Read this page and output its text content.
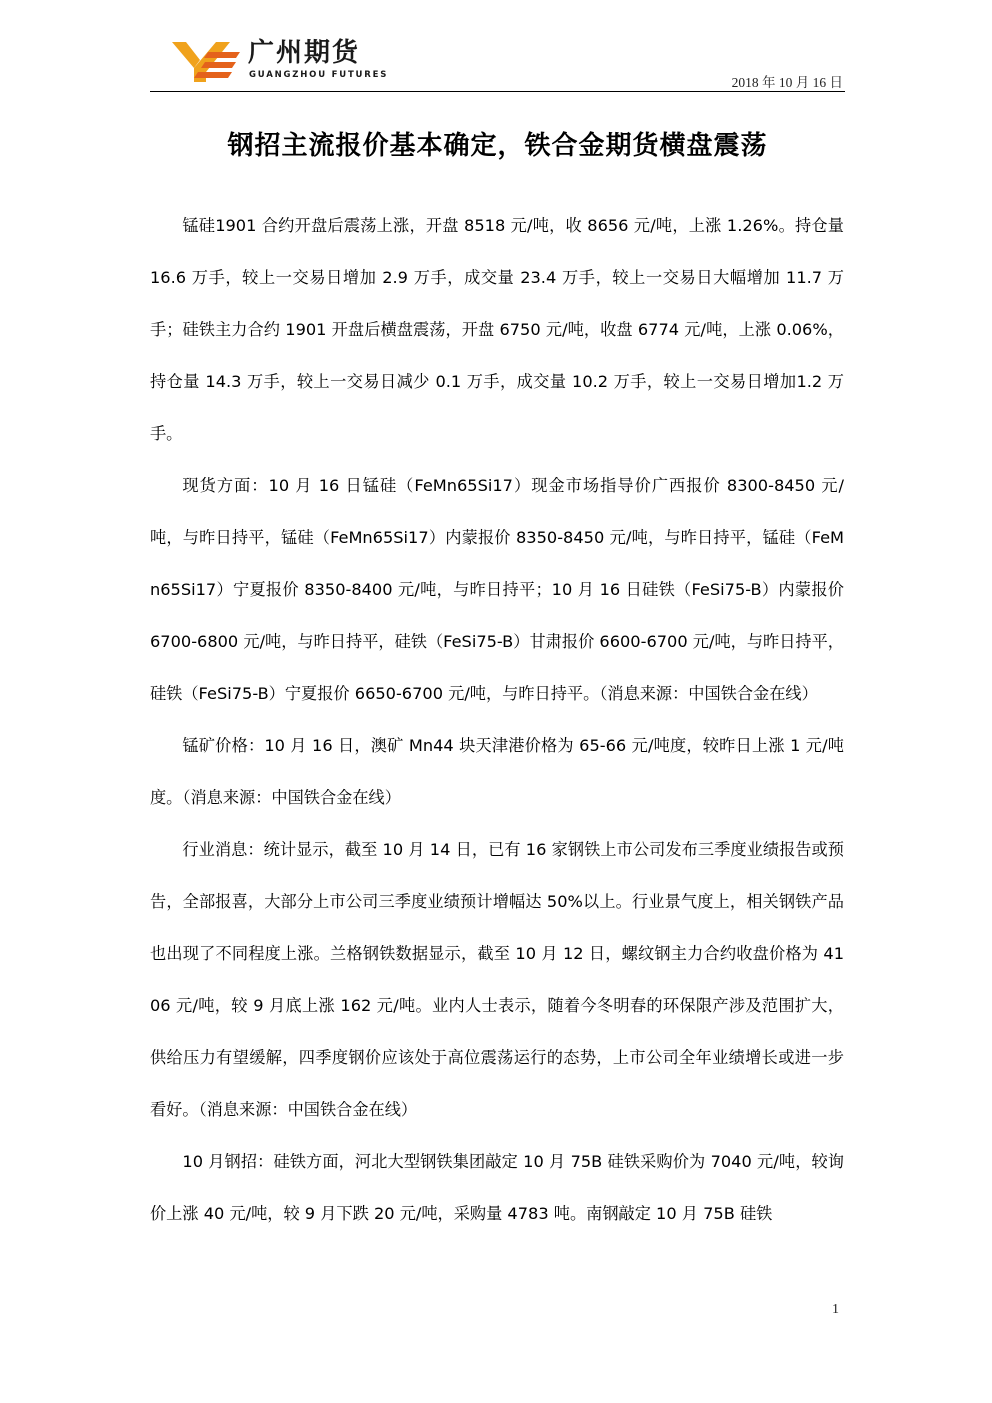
广州期货
GUANGZHOU FUTURES	2018 年 10 月 16 日
钢招主流报价基本确定，铁合金期货横盘震荡

锰硅1901 合约开盘后震荡上涨，开盘 8518 元/吨，收 8656 元/吨，上涨 1.26%。持仓量 16.6 万手，较上一交易日增加 2.9 万手，成交量 23.4 万手，较上一交易日大幅增加 11.7 万手；硅铁主力合约 1901 开盘后横盘震荡，开盘 6750 元/吨，收盘 6774 元/吨，上涨 0.06%，持仓量 14.3 万手，较上一交易日减少 0.1 万手，成交量 10.2 万手，较上一交易日增加1.2 万手。

现货方面：10 月 16 日锰硅（FeMn65Si17）现金市场指导价广西报价 8300-8450 元/吨，与昨日持平，锰硅（FeMn65Si17）内蒙报价 8350-8450 元/吨，与昨日持平，锰硅（FeMn65Si17）宁夏报价 8350-8400 元/吨，与昨日持平；10 月 16 日硅铁（FeSi75-B）内蒙报价 6700-6800 元/吨，与昨日持平，硅铁（FeSi75-B）甘肃报价 6600-6700 元/吨，与昨日持平，硅铁（FeSi75-B）宁夏报价 6650-6700 元/吨，与昨日持平。（消息来源：中国铁合金在线）

锰矿价格：10 月 16 日，澳矿 Mn44 块天津港价格为 65-66 元/吨度，较昨日上涨 1 元/吨度。（消息来源：中国铁合金在线）

行业消息：统计显示，截至 10 月 14 日，已有 16 家钢铁上市公司发布三季度业绩报告或预告，全部报喜，大部分上市公司三季度业绩预计增幅达 50%以上。行业景气度上，相关钢铁产品也出现了不同程度上涨。兰格钢铁数据显示，截至 10 月 12 日，螺纹钢主力合约收盘价格为 4106 元/吨，较 9 月底上涨 162 元/吨。业内人士表示，随着今冬明春的环保限产涉及范围扩大，供给压力有望缓解，四季度钢价应该处于高位震荡运行的态势，上市公司全年业绩增长或进一步看好。（消息来源：中国铁合金在线）

10 月钢招：硅铁方面，河北大型钢铁集团敲定 10 月 75B 硅铁采购价为 7040 元/吨，较询价上涨 40 元/吨，较 9 月下跌 20 元/吨，采购量 4783 吨。南钢敲定 10 月 75B 硅铁

1
